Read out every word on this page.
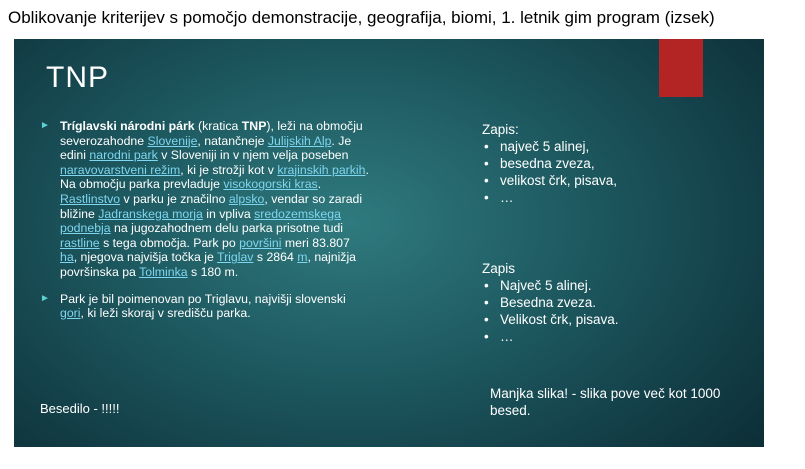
Oblikovanje kriterijev s pomočjo demonstracije, geografija, biomi, 1. letnik gim program (izsek)
TNP
► Tríglavski národni párk (kratica TNP), leži na območju severozahodne Slovenije, natančneje Julijskih Alp. Je edini narodni park v Sloveniji in v njem velja poseben naravovarstveni režim, ki je strožji kot v krajinskih parkih. Na območju parka prevladuje visokogorski kras. Rastlinstvo v parku je značilno alpsko, vendar so zaradi bližine Jadranskega morja in vpliva sredozemskega podnebja na jugozahodnem delu parka prisotne tudi rastline s tega območja. Park po površini meri 83.807 ha, njegova najvišja točka je Triglav s 2864 m, najnižja površinska pa Tolminka s 180 m.
► Park je bil poimenovan po Triglavu, najvišji slovenski gori, ki leži skoraj v središču parka.
Besedilo - !!!!!

Zapis:

• največ 5 alinej,
• besedna zveza,
• velikost črk, pisava,
• …

Zapis

• Največ 5 alinej.
• Besedna zveza.
• Velikost črk, pisava.
• …
Manjka slika! - slika pove več kot 1000 besed.
